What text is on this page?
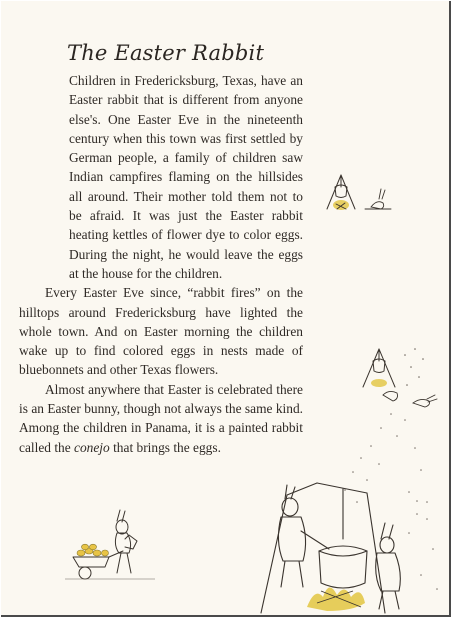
The Easter Rabbit

Children in Fredericksburg, Texas, have an Easter rabbit that is different from anyone else's. One Easter Eve in the nineteenth century when this town was first settled by German people, a family of children saw Indian campfires flaming on the hillsides all around. Their mother told them not to be afraid. It was just the Easter rabbit heating kettles of flower dye to color eggs. During the night, he would leave the eggs at the house for the children.

Every Easter Eve since, “rabbit fires” on the hilltops around Fredericksburg have lighted the whole town. And on Easter morning the children wake up to find colored eggs in nests made of bluebonnets and other Texas flowers.

Almost anywhere that Easter is celebrated there is an Easter bunny, though not always the same kind. Among the children in Panama, it is a painted rabbit called the conejo that brings the eggs.
